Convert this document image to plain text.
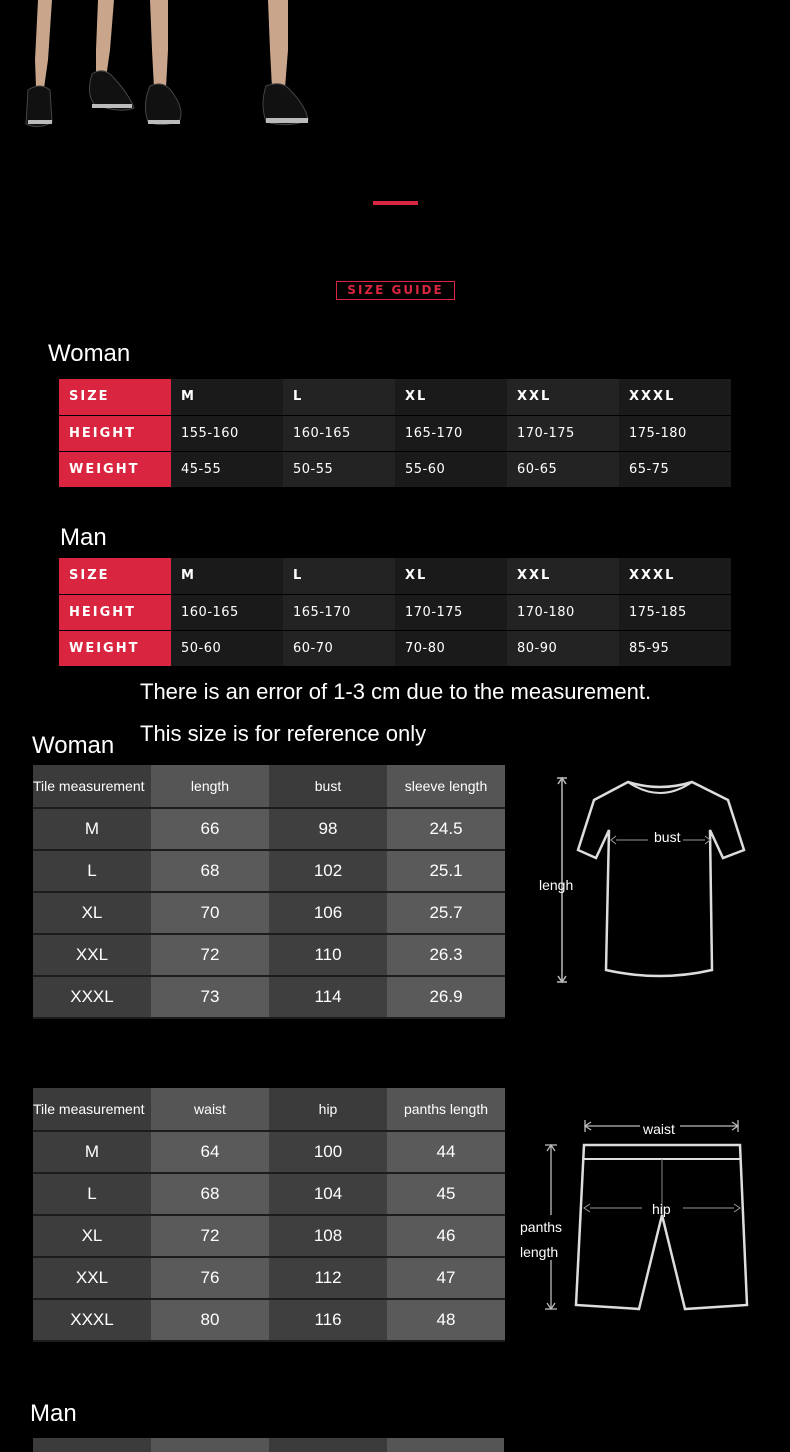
SIZE GUIDE
Woman
SIZE	M	L	XL	XXL	XXXL
HEIGHT	155-160	160-165	165-170	170-175	175-180
WEIGHT	45-55	50-55	55-60	60-65	65-75
Man
SIZE	M	L	XL	XXL	XXXL
HEIGHT	160-165	165-170	170-175	170-180	175-185
WEIGHT	50-60	60-70	70-80	80-90	85-95
There is an error of 1-3 cm due to the measurement.
This size is for reference only
Woman
Tile measurement	length	bust	sleeve length
M	66	98	24.5
L	68	102	25.1
XL	70	106	25.7
XXL	72	110	26.3
XXXL	73	114	26.9
bust
lengh
Tile measurement	waist	hip	panths length
M	64	100	44
L	68	104	45
XL	72	108	46
XXL	76	112	47
XXXL	80	116	48
waist
hip
panths
length
Man
